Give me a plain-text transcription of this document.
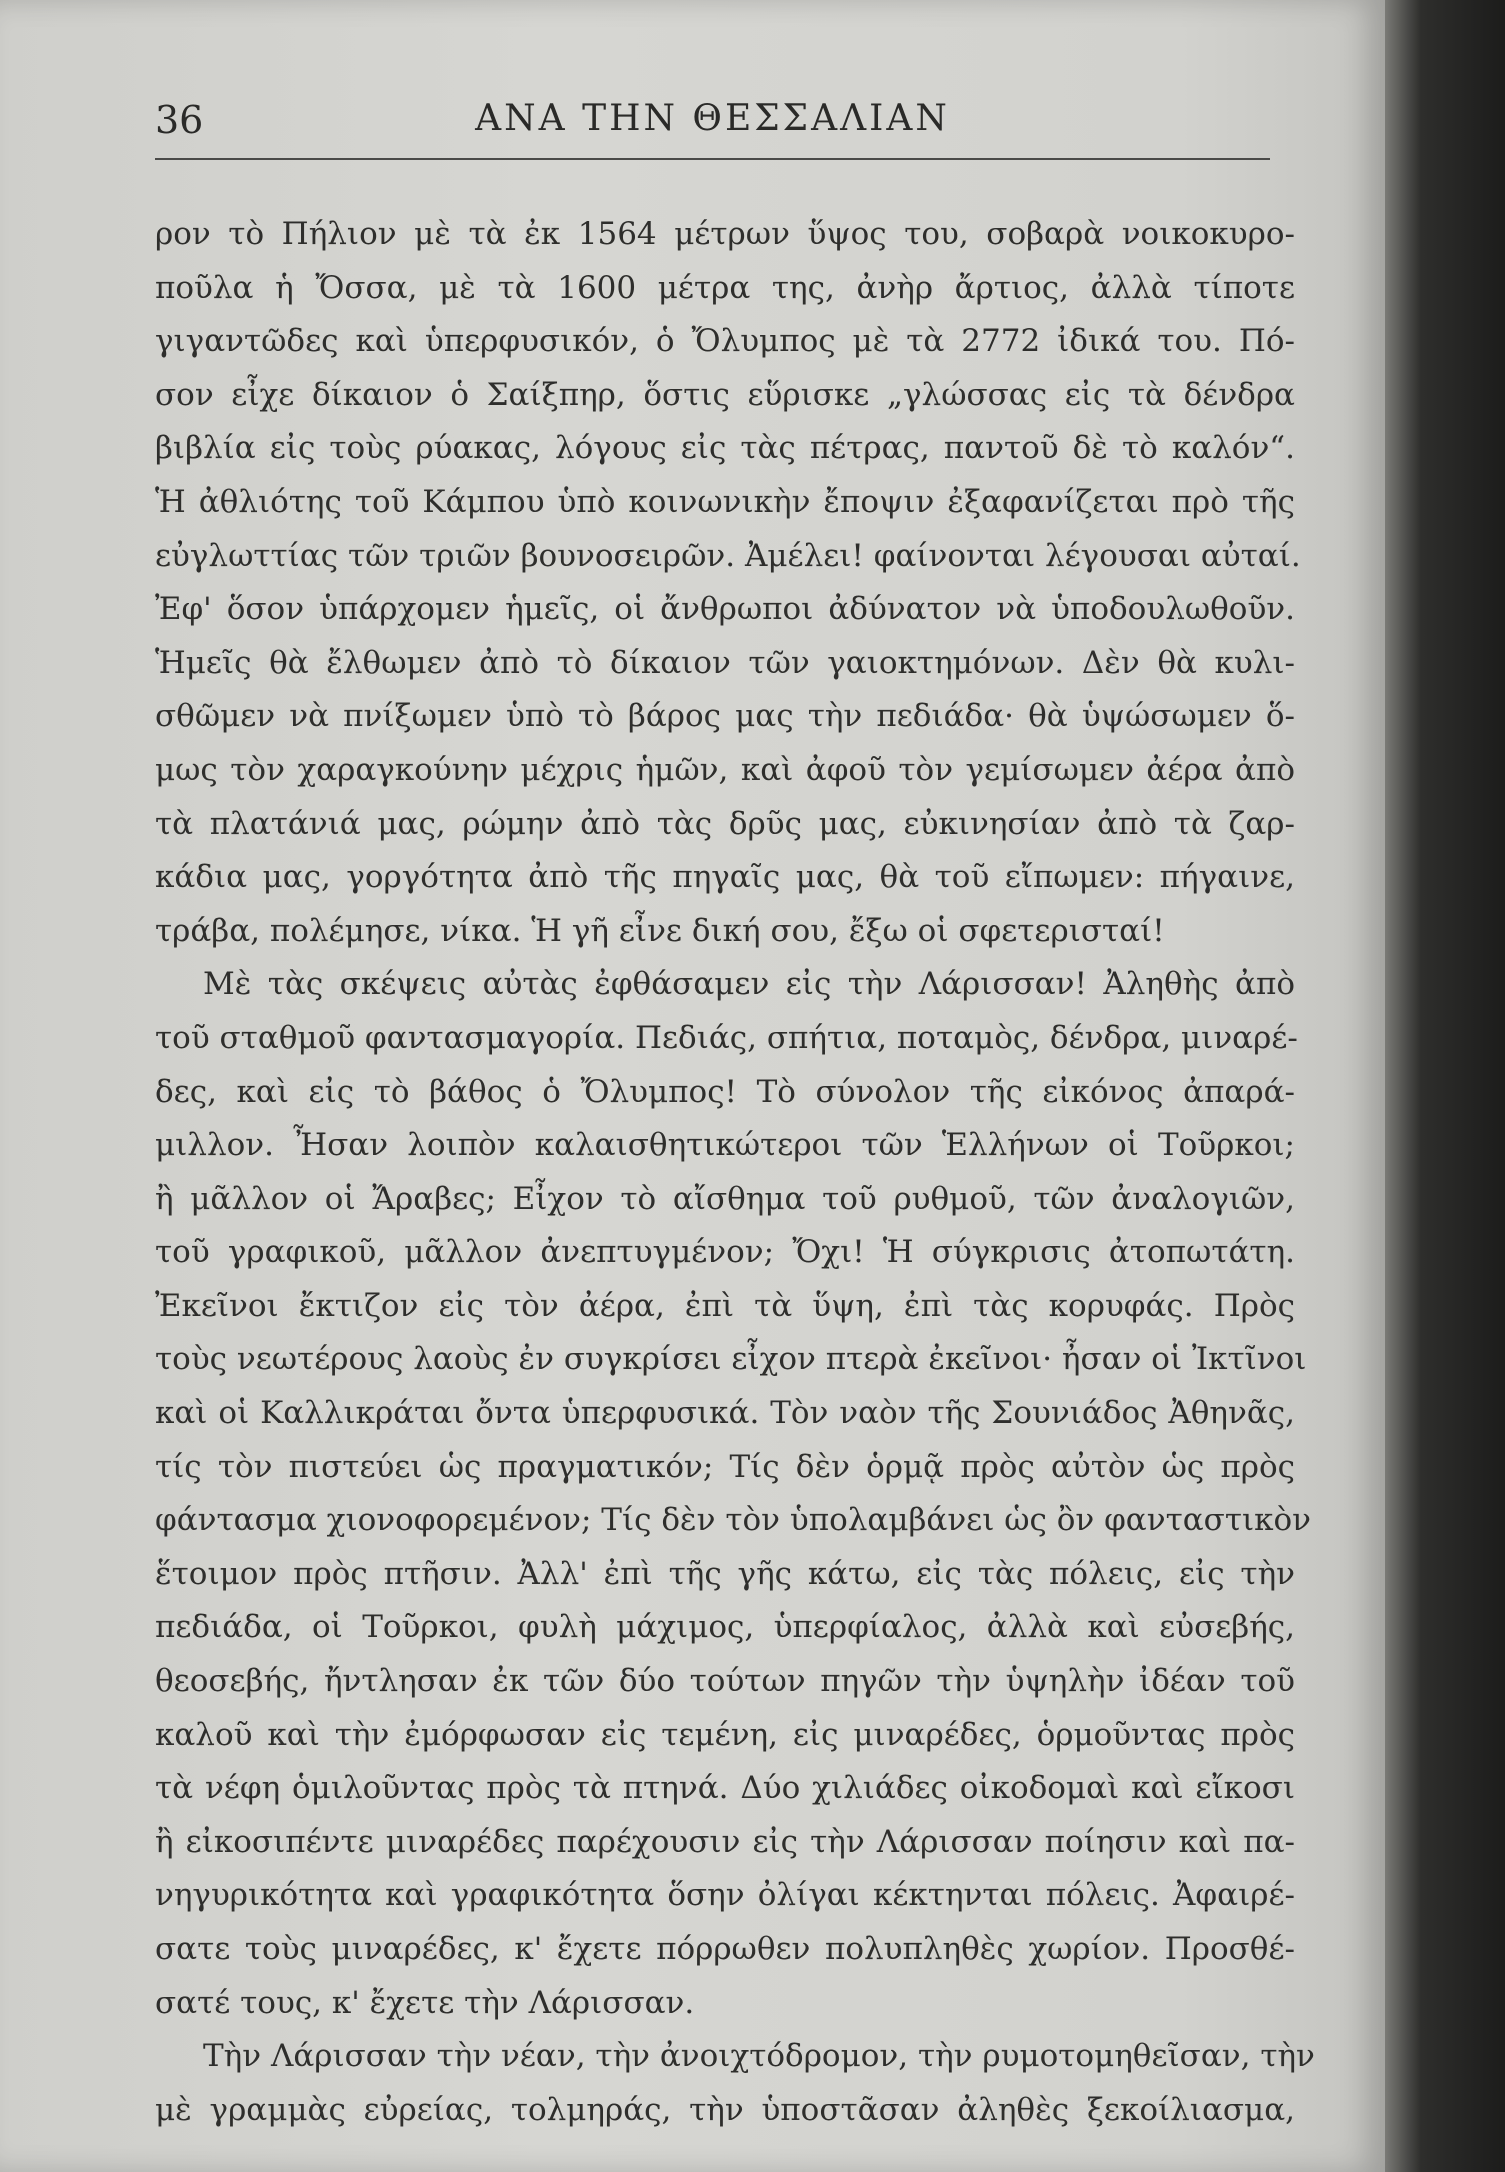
36	ΑΝΑ ΤΗΝ ΘΕΣΣΑΛΙΑΝ
ρον τὸ Πήλιον μὲ τὰ ἐκ 1564 μέτρων ὕψος του, σοβαρὰ νοικοκυρο-
ποῦλα ἡ Ὄσσα, μὲ τὰ 1600 μέτρα της, ἀνὴρ ἄρτιος, ἀλλὰ τίποτε
γιγαντῶδες καὶ ὑπερφυσικόν, ὁ Ὄλυμπος μὲ τὰ 2772 ἰδικά του. Πό-
σον εἶχε δίκαιον ὁ Σαίξπηρ, ὅστις εὕρισκε „γλώσσας εἰς τὰ δένδρα
βιβλία εἰς τοὺς ρύακας, λόγους εἰς τὰς πέτρας, παντοῦ δὲ τὸ καλόν“.
Ἡ ἀθλιότης τοῦ Κάμπου ὑπὸ κοινωνικὴν ἔποψιν ἐξαφανίζεται πρὸ τῆς
εὐγλωττίας τῶν τριῶν βουνοσειρῶν. Ἀμέλει! φαίνονται λέγουσαι αὐταί.
Ἐφ' ὅσον ὑπάρχομεν ἡμεῖς, οἱ ἄνθρωποι ἀδύνατον νὰ ὑποδουλωθοῦν.
Ἡμεῖς θὰ ἔλθωμεν ἀπὸ τὸ δίκαιον τῶν γαιοκτημόνων. Δὲν θὰ κυλι-
σθῶμεν νὰ πνίξωμεν ὑπὸ τὸ βάρος μας τὴν πεδιάδα· θὰ ὑψώσωμεν ὅ-
μως τὸν χαραγκούνην μέχρις ἡμῶν, καὶ ἀφοῦ τὸν γεμίσωμεν ἀέρα ἀπὸ
τὰ πλατάνιά μας, ρώμην ἀπὸ τὰς δρῦς μας, εὐκινησίαν ἀπὸ τὰ ζαρ-
κάδια μας, γοργότητα ἀπὸ τῆς πηγαῖς μας, θὰ τοῦ εἴπωμεν: πήγαινε,
τράβα, πολέμησε, νίκα. Ἡ γῆ εἶνε δική σου, ἔξω οἱ σφετερισταί!
Μὲ τὰς σκέψεις αὐτὰς ἐφθάσαμεν εἰς τὴν Λάρισσαν! Ἀληθὴς ἀπὸ
τοῦ σταθμοῦ φαντασμαγορία. Πεδιάς, σπήτια, ποταμὸς, δένδρα, μιναρέ-
δες, καὶ εἰς τὸ βάθος ὁ Ὄλυμπος! Τὸ σύνολον τῆς εἰκόνος ἀπαρά-
μιλλον. Ἦσαν λοιπὸν καλαισθητικώτεροι τῶν Ἑλλήνων οἱ Τοῦρκοι;
ἢ μᾶλλον οἱ Ἄραβες; Εἶχον τὸ αἴσθημα τοῦ ρυθμοῦ, τῶν ἀναλογιῶν,
τοῦ γραφικοῦ, μᾶλλον ἀνεπτυγμένον; Ὄχι! Ἡ σύγκρισις ἀτοπωτάτη.
Ἐκεῖνοι ἔκτιζον εἰς τὸν ἀέρα, ἐπὶ τὰ ὕψη, ἐπὶ τὰς κορυφάς. Πρὸς
τοὺς νεωτέρους λαοὺς ἐν συγκρίσει εἶχον πτερὰ ἐκεῖνοι· ἦσαν οἱ Ἰκτῖνοι
καὶ οἱ Καλλικράται ὄντα ὑπερφυσικά. Τὸν ναὸν τῆς Σουνιάδος Ἀθηνᾶς,
τίς τὸν πιστεύει ὡς πραγματικόν; Τίς δὲν ὁρμᾷ πρὸς αὐτὸν ὡς πρὸς
φάντασμα χιονοφορεμένον; Τίς δὲν τὸν ὑπολαμβάνει ὡς ὂν φανταστικὸν
ἕτοιμον πρὸς πτῆσιν. Ἀλλ' ἐπὶ τῆς γῆς κάτω, εἰς τὰς πόλεις, εἰς τὴν
πεδιάδα, οἱ Τοῦρκοι, φυλὴ μάχιμος, ὑπερφίαλος, ἀλλὰ καὶ εὐσεβής,
θεοσεβής, ἤντλησαν ἐκ τῶν δύο τούτων πηγῶν τὴν ὑψηλὴν ἰδέαν τοῦ
καλοῦ καὶ τὴν ἐμόρφωσαν εἰς τεμένη, εἰς μιναρέδες, ὁρμοῦντας πρὸς
τὰ νέφη ὁμιλοῦντας πρὸς τὰ πτηνά. Δύο χιλιάδες οἰκοδομαὶ καὶ εἴκοσι
ἢ εἰκοσιπέντε μιναρέδες παρέχουσιν εἰς τὴν Λάρισσαν ποίησιν καὶ πα-
νηγυρικότητα καὶ γραφικότητα ὅσην ὀλίγαι κέκτηνται πόλεις. Ἀφαιρέ-
σατε τοὺς μιναρέδες, κ' ἔχετε πόρρωθεν πολυπληθὲς χωρίον. Προσθέ-
σατέ τους, κ' ἔχετε τὴν Λάρισσαν.
Τὴν Λάρισσαν τὴν νέαν, τὴν ἀνοιχτόδρομον, τὴν ρυμοτομηθεῖσαν, τὴν
μὲ γραμμὰς εὐρείας, τολμηράς, τὴν ὑποστᾶσαν ἀληθὲς ξεκοίλιασμα,
